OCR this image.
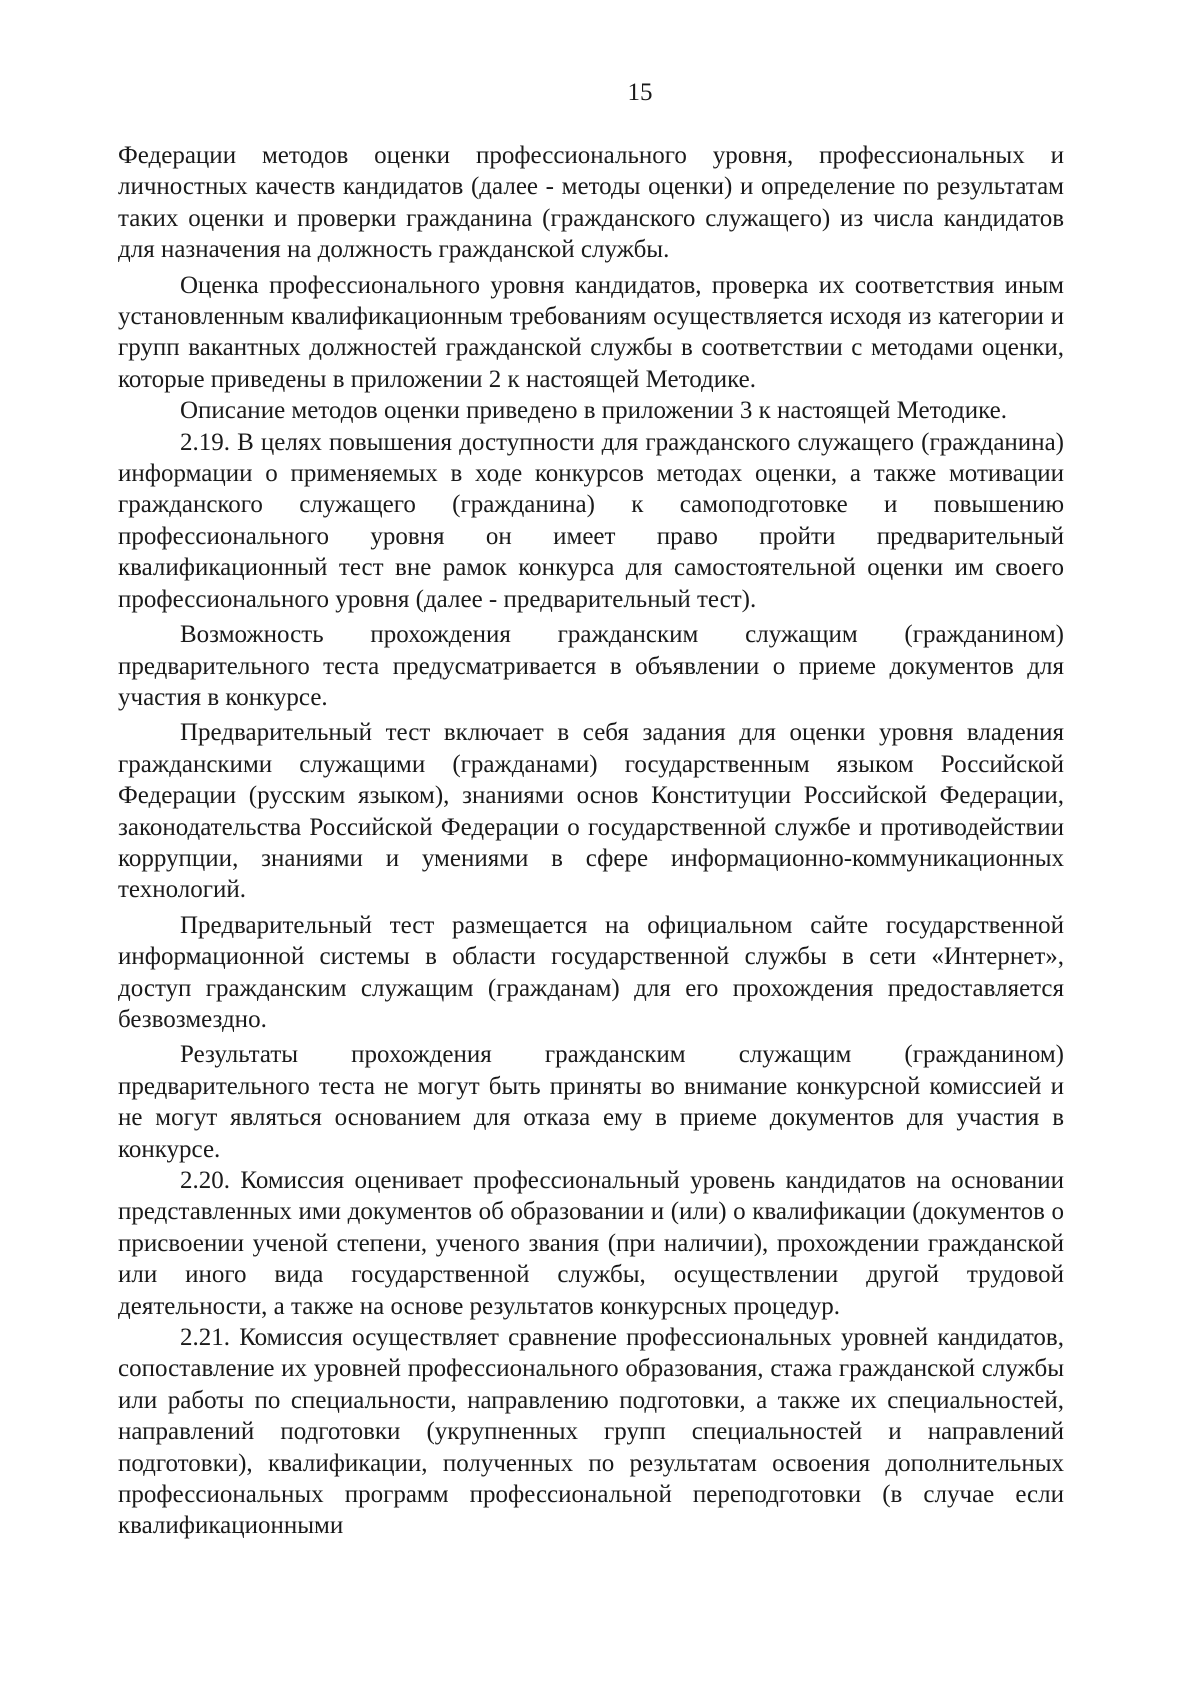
15

Федерации методов оценки профессионального уровня, профессиональных и личностных качеств кандидатов (далее - методы оценки) и определение по результатам таких оценки и проверки гражданина (гражданского служащего) из числа кандидатов для назначения на должность гражданской службы.

Оценка профессионального уровня кандидатов, проверка их соответствия иным установленным квалификационным требованиям осуществляется исходя из категории и групп вакантных должностей гражданской службы в соответствии с методами оценки, которые приведены в приложении 2 к настоящей Методике.

Описание методов оценки приведено в приложении 3 к настоящей Методике.

2.19. В целях повышения доступности для гражданского служащего (гражданина) информации о применяемых в ходе конкурсов методах оценки, а также мотивации гражданского служащего (гражданина) к самоподготовке и повышению профессионального уровня он имеет право пройти предварительный квалификационный тест вне рамок конкурса для самостоятельной оценки им своего профессионального уровня (далее - предварительный тест).

Возможность прохождения гражданским служащим (гражданином) предварительного теста предусматривается в объявлении о приеме документов для участия в конкурсе.

Предварительный тест включает в себя задания для оценки уровня владения гражданскими служащими (гражданами) государственным языком Российской Федерации (русским языком), знаниями основ Конституции Российской Федерации, законодательства Российской Федерации о государственной службе и противодействии коррупции, знаниями и умениями в сфере информационно-коммуникационных технологий.

Предварительный тест размещается на официальном сайте государственной информационной системы в области государственной службы в сети «Интернет», доступ гражданским служащим (гражданам) для его прохождения предоставляется безвозмездно.

Результаты прохождения гражданским служащим (гражданином) предварительного теста не могут быть приняты во внимание конкурсной комиссией и не могут являться основанием для отказа ему в приеме документов для участия в конкурсе.

2.20. Комиссия оценивает профессиональный уровень кандидатов на основании представленных ими документов об образовании и (или) о квалификации (документов о присвоении ученой степени, ученого звания (при наличии), прохождении гражданской или иного вида государственной службы, осуществлении другой трудовой деятельности, а также на основе результатов конкурсных процедур.

2.21. Комиссия осуществляет сравнение профессиональных уровней кандидатов, сопоставление их уровней профессионального образования, стажа гражданской службы или работы по специальности, направлению подготовки, а также их специальностей, направлений подготовки (укрупненных групп специальностей и направлений подготовки), квалификации, полученных по результатам освоения дополнительных профессиональных программ профессиональной переподготовки (в случае если квалификационными
